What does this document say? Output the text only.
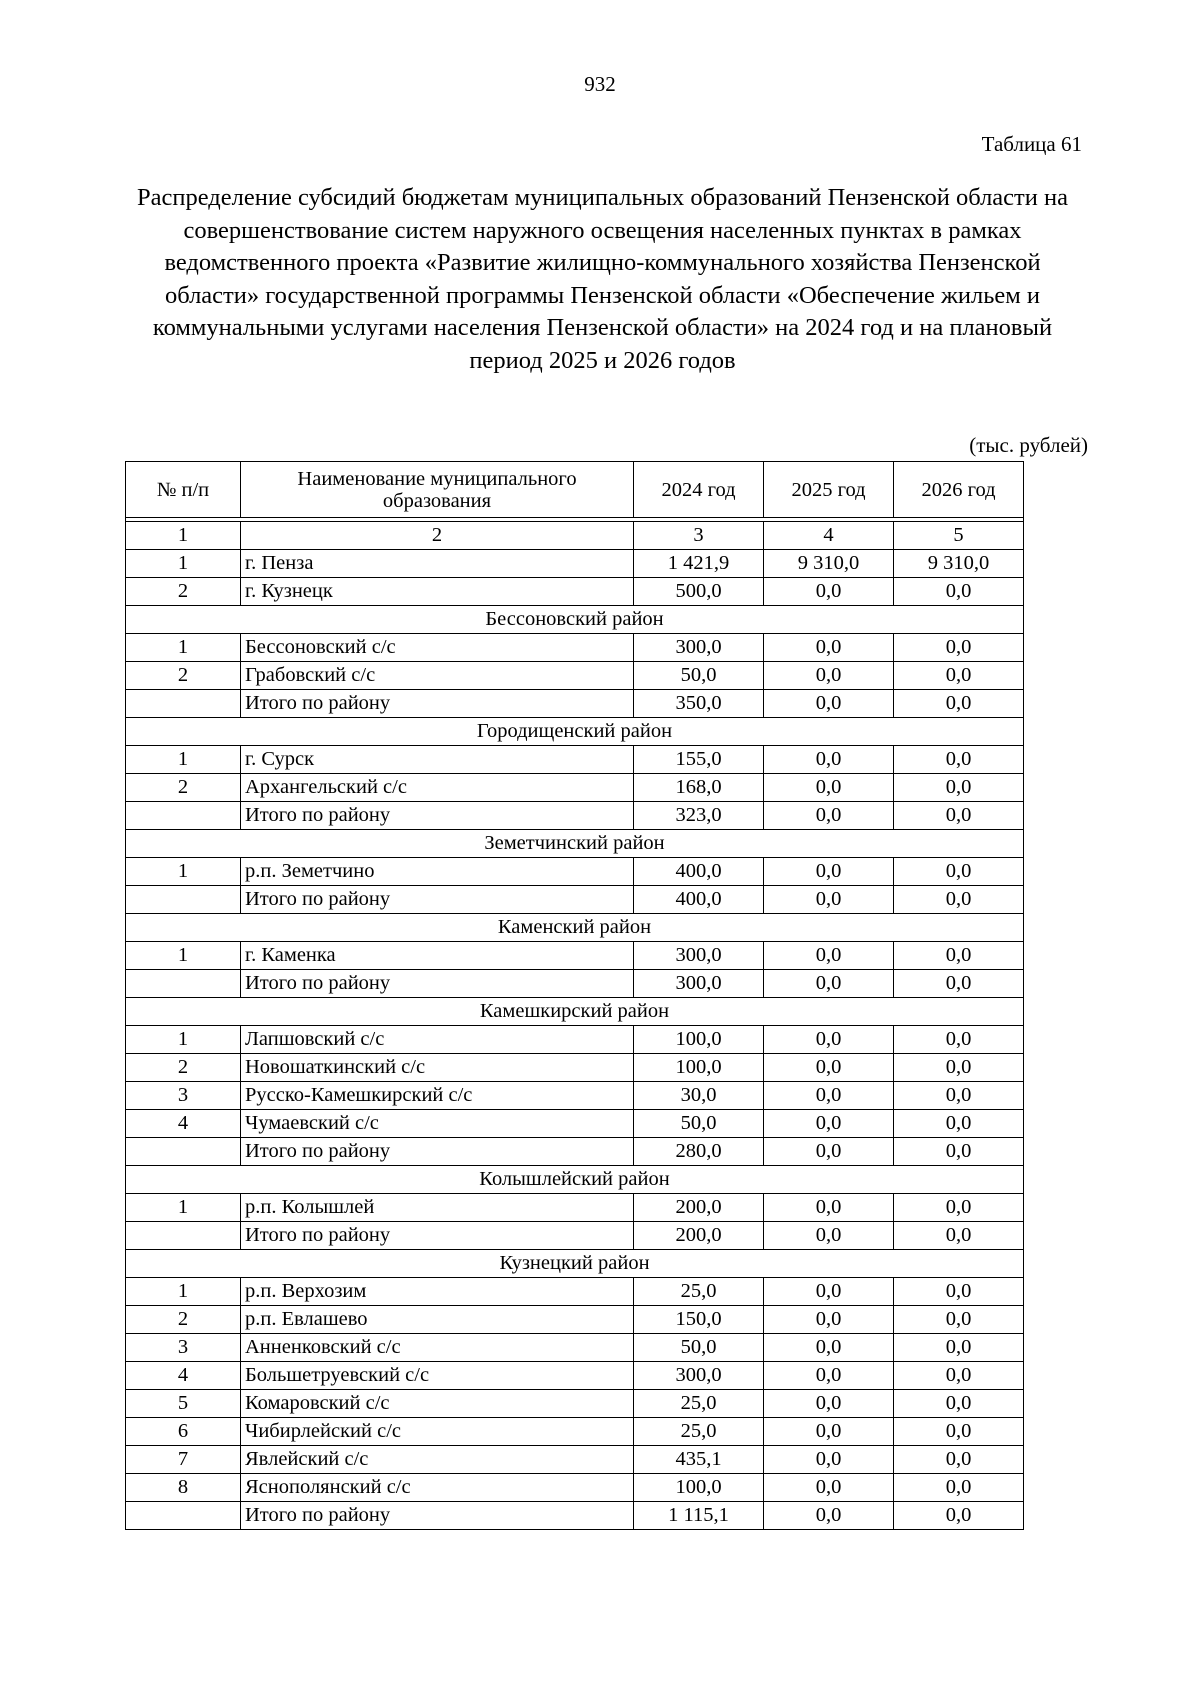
932
Таблица 61
Распределение субсидий бюджетам муниципальных образований Пензенской области на совершенствование систем наружного освещения населенных пунктах в рамках ведомственного проекта «Развитие жилищно-коммунального хозяйства Пензенской области» государственной программы Пензенской области «Обеспечение жильем и коммунальными услугами населения Пензенской области» на 2024 год и на плановый период 2025 и 2026 годов
(тыс. рублей)
№ п/п	Наименование муниципального образования	2024 год	2025 год	2026 год

1	2	3	4	5
1	г. Пенза	1 421,9	9 310,0	9 310,0
2	г. Кузнецк	500,0	0,0	0,0
Бессоновский район				
1	Бессоновский с/с	300,0	0,0	0,0
2	Грабовский с/с	50,0	0,0	0,0
	Итого по району	350,0	0,0	0,0
Городищенский район				
1	г. Сурск	155,0	0,0	0,0
2	Архангельский с/с	168,0	0,0	0,0
	Итого по району	323,0	0,0	0,0
Земетчинский район				
1	р.п. Земетчино	400,0	0,0	0,0
	Итого по району	400,0	0,0	0,0
Каменский район				
1	г. Каменка	300,0	0,0	0,0
	Итого по району	300,0	0,0	0,0
Камешкирский район				
1	Лапшовский с/с	100,0	0,0	0,0
2	Новошаткинский с/с	100,0	0,0	0,0
3	Русско-Камешкирский с/с	30,0	0,0	0,0
4	Чумаевский с/с	50,0	0,0	0,0
	Итого по району	280,0	0,0	0,0
Колышлейский район				
1	р.п. Колышлей	200,0	0,0	0,0
	Итого по району	200,0	0,0	0,0
Кузнецкий район				
1	р.п. Верхозим	25,0	0,0	0,0
2	р.п. Евлашево	150,0	0,0	0,0
3	Анненковский с/с	50,0	0,0	0,0
4	Большетруевский с/с	300,0	0,0	0,0
5	Комаровский с/с	25,0	0,0	0,0
6	Чибирлейский с/с	25,0	0,0	0,0
7	Явлейский с/с	435,1	0,0	0,0
8	Яснополянский с/с	100,0	0,0	0,0
	Итого по району	1 115,1	0,0	0,0
